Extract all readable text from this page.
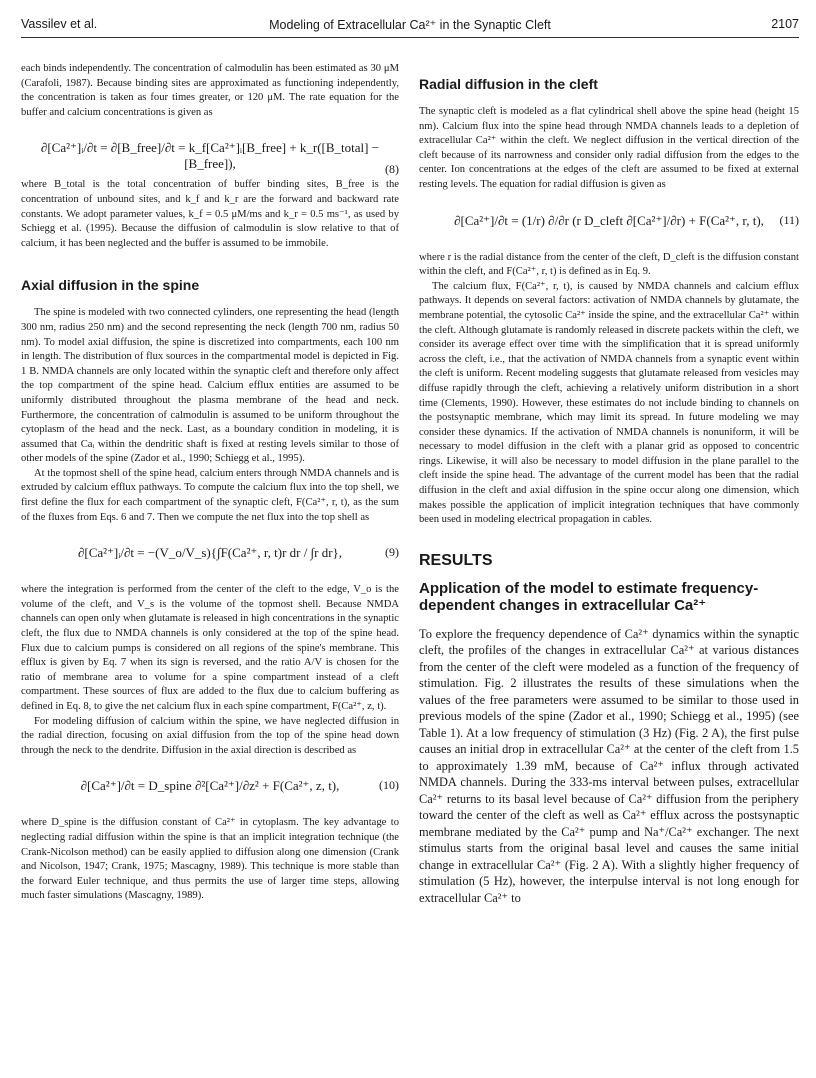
Vassilev et al.	Modeling of Extracellular Ca²⁺ in the Synaptic Cleft	2107

each binds independently. The concentration of calmodulin has been estimated as 30 μM (Carafoli, 1987). Because binding sites are approximated as functioning independently, the concentration is taken as four times greater, or 120 μM. The rate equation for the buffer and calcium concentrations is given as

∂[Ca²⁺]ᵢ/∂t = ∂[B_free]/∂t = k_f[Ca²⁺]ᵢ[B_free] + k_r([B_total] − [B_free]),	(8)

where B_total is the total concentration of buffer binding sites, B_free is the concentration of unbound sites, and k_f and k_r are the forward and backward rate constants. We adopt parameter values, k_f = 0.5 μM/ms and k_r = 0.5 ms⁻¹, as used by Schiegg et al. (1995). Because the diffusion of calmodulin is slow relative to that of calcium, it has been neglected and the buffer is assumed to be immobile.

Axial diffusion in the spine

The spine is modeled with two connected cylinders, one representing the head (length 300 nm, radius 250 nm) and the second representing the neck (length 700 nm, radius 50 nm). To model axial diffusion, the spine is discretized into compartments, each 100 nm in length. The distribution of flux sources in the compartmental model is depicted in Fig. 1 B. NMDA channels are only located within the synaptic cleft and therefore only affect the top compartment of the spine head. Calcium efflux entities are assumed to be uniformly distributed throughout the plasma membrane of the head and neck. Furthermore, the concentration of calmodulin is assumed to be uniform throughout the cytoplasm of the head and the neck. Last, as a boundary condition in modeling, it is assumed that Caᵢ within the dendritic shaft is fixed at resting levels similar to those of other models of the spine (Zador et al., 1990; Schiegg et al., 1995).

At the topmost shell of the spine head, calcium enters through NMDA channels and is extruded by calcium efflux pathways. To compute the calcium flux into the top shell, we first define the flux for each compartment of the synaptic cleft, F(Ca²⁺, r, t), as the sum of the fluxes from Eqs. 6 and 7. Then we compute the net flux into the top shell as

∂[Ca²⁺]ᵢ/∂t = −(V_o/V_s){∫F(Ca²⁺, r, t)r dr / ∫r dr},	(9)

where the integration is performed from the center of the cleft to the edge, V_o is the volume of the cleft, and V_s is the volume of the topmost shell. Because NMDA channels can open only when glutamate is released in high concentrations in the synaptic cleft, the flux due to NMDA channels is only considered at the top of the spine head. Flux due to calcium pumps is considered on all regions of the spine's membrane. This efflux is given by Eq. 7 when its sign is reversed, and the ratio A/V is chosen for the ratio of membrane area to volume for a spine compartment instead of a cleft compartment. These sources of flux are added to the flux due to calcium buffering as defined in Eq. 8, to give the net calcium flux in each spine compartment, F(Ca²⁺, z, t).

For modeling diffusion of calcium within the spine, we have neglected diffusion in the radial direction, focusing on axial diffusion from the top of the spine head down through the neck to the dendrite. Diffusion in the axial direction is described as

∂[Ca²⁺]/∂t = D_spine ∂²[Ca²⁺]/∂z² + F(Ca²⁺, z, t),	(10)

where D_spine is the diffusion constant of Ca²⁺ in cytoplasm. The key advantage to neglecting radial diffusion within the spine is that an implicit integration technique (the Crank-Nicolson method) can be easily applied to diffusion along one dimension (Crank and Nicolson, 1947; Crank, 1975; Mascagny, 1989). This technique is more stable than the forward Euler technique, and thus permits the use of larger time steps, allowing much faster simulations (Mascagny, 1989).

Radial diffusion in the cleft

The synaptic cleft is modeled as a flat cylindrical shell above the spine head (height 15 nm). Calcium flux into the spine head through NMDA channels leads to a depletion of extracellular Ca²⁺ within the cleft. We neglect diffusion in the vertical direction of the cleft because of its narrowness and consider only radial diffusion from the edges to the center. Ion concentrations at the edges of the cleft are assumed to be fixed at external resting levels. The equation for radial diffusion is given as

∂[Ca²⁺]/∂t = (1/r) ∂/∂r (r D_cleft ∂[Ca²⁺]/∂r) + F(Ca²⁺, r, t),	(11)

where r is the radial distance from the center of the cleft, D_cleft is the diffusion constant within the cleft, and F(Ca²⁺, r, t) is defined as in Eq. 9.

The calcium flux, F(Ca²⁺, r, t), is caused by NMDA channels and calcium efflux pathways. It depends on several factors: activation of NMDA channels by glutamate, the membrane potential, the cytosolic Ca²⁺ inside the spine, and the extracellular Ca²⁺ within the cleft. Although glutamate is randomly released in discrete packets within the cleft, we consider its average effect over time with the simplification that it is spread uniformly across the cleft, i.e., that the activation of NMDA channels from a synaptic event within the cleft is uniform. Recent modeling suggests that glutamate released from vesicles may diffuse rapidly through the cleft, achieving a relatively uniform distribution in a short time (Clements, 1990). However, these estimates do not include binding to channels on the postsynaptic membrane, which may limit its spread. In future modeling we may consider these dynamics. If the activation of NMDA channels is nonuniform, it will be necessary to model diffusion in the cleft with a planar grid as opposed to concentric rings. Likewise, it will also be necessary to model diffusion in the plane parallel to the cleft inside the spine head. The advantage of the current model has been that the radial diffusion in the cleft and axial diffusion in the spine occur along one dimension, which makes possible the application of implicit integration techniques that have commonly been used in modeling electrical propagation in cables.

RESULTS
Application of the model to estimate frequency-dependent changes in extracellular Ca²⁺

To explore the frequency dependence of Ca²⁺ dynamics within the synaptic cleft, the profiles of the changes in extracellular Ca²⁺ at various distances from the center of the cleft were modeled as a function of the frequency of stimulation. Fig. 2 illustrates the results of these simulations when the values of the free parameters were assumed to be similar to those used in previous models of the spine (Zador et al., 1990; Schiegg et al., 1995) (see Table 1). At a low frequency of stimulation (3 Hz) (Fig. 2 A), the first pulse causes an initial drop in extracellular Ca²⁺ at the center of the cleft from 1.5 to approximately 1.39 mM, because of Ca²⁺ influx through activated NMDA channels. During the 333-ms interval between pulses, extracellular Ca²⁺ returns to its basal level because of Ca²⁺ diffusion from the periphery toward the center of the cleft as well as Ca²⁺ efflux across the postsynaptic membrane mediated by the Ca²⁺ pump and Na⁺/Ca²⁺ exchanger. The next stimulus starts from the original basal level and causes the same initial change in extracellular Ca²⁺ (Fig. 2 A). With a slightly higher frequency of stimulation (5 Hz), however, the interpulse interval is not long enough for extracellular Ca²⁺ to
